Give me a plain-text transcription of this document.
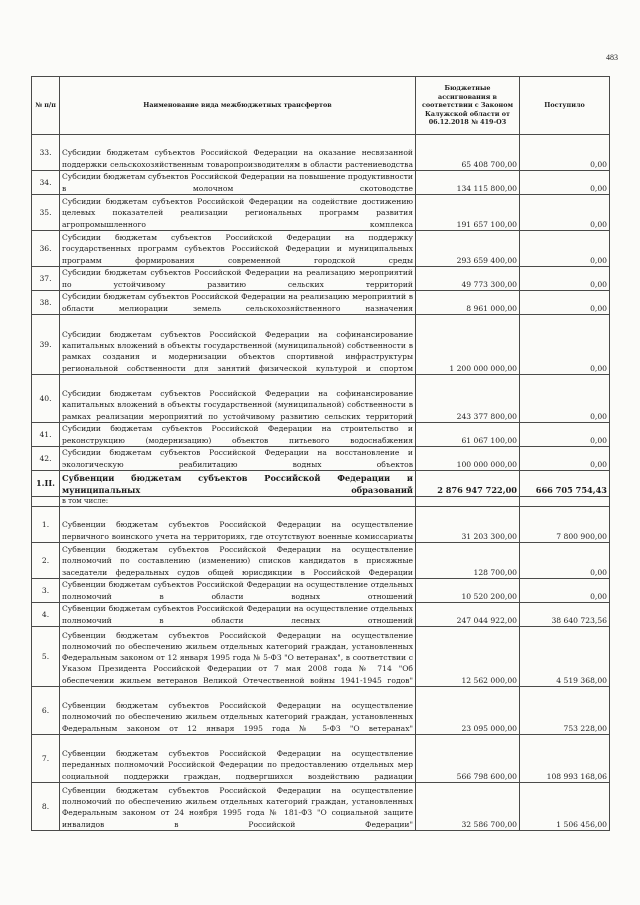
483
№ п/п	Наименование вида межбюджетных трансфертов	Бюджетные ассигнования в соответствии с Законом Калужской области от 06.12.2018 № 419-ОЗ	Поступило
33.	Субсидии бюджетам субъектов Российской Федерации на оказание несвязанной поддержки сельскохозяйственным товаропроизводителям в области растениеводства	65 408 700,00	0,00
34.	Субсидии бюджетам субъектов Российской Федерации на повышение продуктивности в молочном скотоводстве	134 115 800,00	0,00
35.	Субсидии бюджетам субъектов Российской Федерации на содействие достижению целевых показателей реализации региональных программ развития агропромышленного комплекса	191 657 100,00	0,00
36.	Субсидии бюджетам субъектов Российской Федерации на поддержку государственных программ субъектов Российской Федерации и муниципальных программ формирования современной городской среды	293 659 400,00	0,00
37.	Субсидии бюджетам субъектов Российской Федерации на реализацию мероприятий по устойчивому развитию сельских территорий	49 773 300,00	0,00
38.	Субсидии бюджетам субъектов Российской Федерации на реализацию мероприятий в области мелиорации земель сельскохозяйственного назначения	8 961 000,00	0,00
39.	Субсидии бюджетам субъектов Российской Федерации на софинансирование капитальных вложений в объекты государственной (муниципальной) собственности в рамках создания и модернизации объектов спортивной инфраструктуры региональной собственности для занятий физической культурой и спортом	1 200 000 000,00	0,00
40.	Субсидии бюджетам субъектов Российской Федерации на софинансирование капитальных вложений в объекты государственной (муниципальной) собственности в рамках реализации мероприятий по устойчивому развитию сельских территорий	243 377 800,00	0,00
41.	Субсидии бюджетам субъектов Российской Федерации на строительство и реконструкцию (модернизацию) объектов питьевого водоснабжения	61 067 100,00	0,00
42.	Субсидии бюджетам субъектов Российской Федерации на восстановление и экологическую реабилитацию водных объектов	100 000 000,00	0,00
1.II.	Субвенции бюджетам субъектов Российской Федерации и муниципальных образований	2 876 947 722,00	666 705 754,43
	в том числе:		
1.	Субвенции бюджетам субъектов Российской Федерации на осуществление первичного воинского учета на территориях, где отсутствуют военные комиссариаты	31 203 300,00	7 800 900,00
2.	Субвенции бюджетам субъектов Российской Федерации на осуществление полномочий по составлению (изменению) списков кандидатов в присяжные заседатели федеральных судов общей юрисдикции в Российской Федерации	128 700,00	0,00
3.	Субвенции бюджетам субъектов Российской Федерации на осуществление отдельных полномочий в области водных отношений	10 520 200,00	0,00
4.	Субвенции бюджетам субъектов Российской Федерации на осуществление отдельных полномочий в области лесных отношений	247 044 922,00	38 640 723,56
5.	Субвенции бюджетам субъектов Российской Федерации на осуществление полномочий по обеспечению жильем отдельных категорий граждан, установленных Федеральным законом от 12 января 1995 года № 5-ФЗ "О ветеранах", в соответствии с Указом Президента Российской Федерации от 7 мая 2008 года № 714 "Об обеспечении жильем ветеранов Великой Отечественной войны 1941-1945 годов"	12 562 000,00	4 519 368,00
6.	Субвенции бюджетам субъектов Российской Федерации на осуществление полномочий по обеспечению жильем отдельных категорий граждан, установленных Федеральным законом от 12 января 1995 года № 5-ФЗ "О ветеранах"	23 095 000,00	753 228,00
7.	Субвенции бюджетам субъектов Российской Федерации на осуществление переданных полномочий Российской Федерации по предоставлению отдельных мер социальной поддержки граждан, подвергшихся воздействию радиации	566 798 600,00	108 993 168,06
8.	Субвенции бюджетам субъектов Российской Федерации на осуществление полномочий по обеспечению жильем отдельных категорий граждан, установленных Федеральным законом от 24 ноября 1995 года № 181-ФЗ "О социальной защите инвалидов в Российской Федерации"	32 586 700,00	1 506 456,00
